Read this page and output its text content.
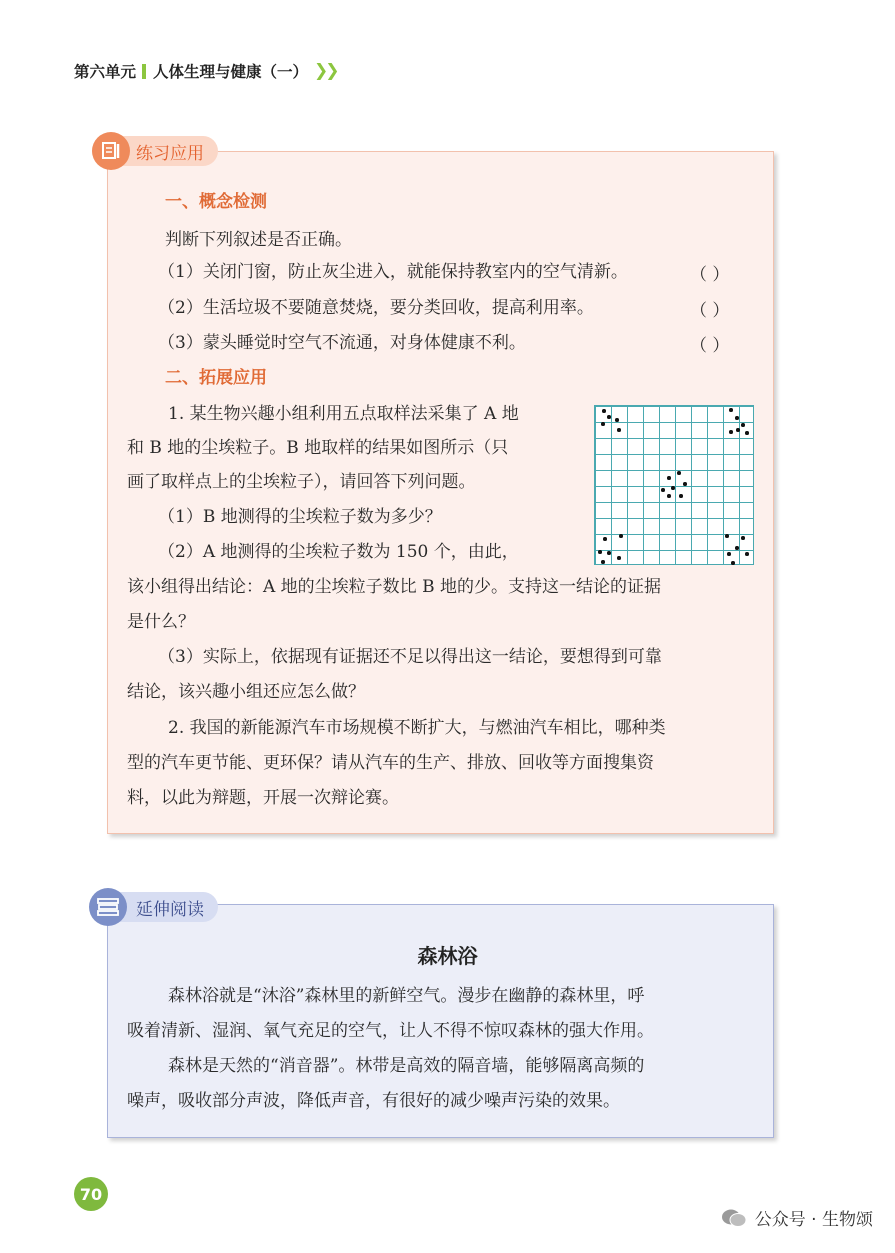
第六单元 人体生理与健康（一） ❯❯
练习应用
一、概念检测
判断下列叙述是否正确。
（1）关闭门窗，防止灰尘进入，就能保持教室内的空气清新。	（ ）
（2）生活垃圾不要随意焚烧，要分类回收，提高利用率。	（ ）
（3）蒙头睡觉时空气不流通，对身体健康不利。	（ ）
二、拓展应用
1. 某生物兴趣小组利用五点取样法采集了 A 地
和 B 地的尘埃粒子。B 地取样的结果如图所示（只
画了取样点上的尘埃粒子），请回答下列问题。
（1）B 地测得的尘埃粒子数为多少？
（2）A 地测得的尘埃粒子数为 150 个，由此，
该小组得出结论：A 地的尘埃粒子数比 B 地的少。支持这一结论的证据
是什么？
（3）实际上，依据现有证据还不足以得出这一结论，要想得到可靠
结论，该兴趣小组还应怎么做？
2. 我国的新能源汽车市场规模不断扩大，与燃油汽车相比，哪种类
型的汽车更节能、更环保？请从汽车的生产、排放、回收等方面搜集资
料，以此为辩题，开展一次辩论赛。
延伸阅读
森林浴
森林浴就是“沐浴”森林里的新鲜空气。漫步在幽静的森林里，呼
吸着清新、湿润、氧气充足的空气，让人不得不惊叹森林的强大作用。
森林是天然的“消音器”。林带是高效的隔音墙，能够隔离高频的
噪声，吸收部分声波，降低声音，有很好的减少噪声污染的效果。
70
公众号 · 生物颂
